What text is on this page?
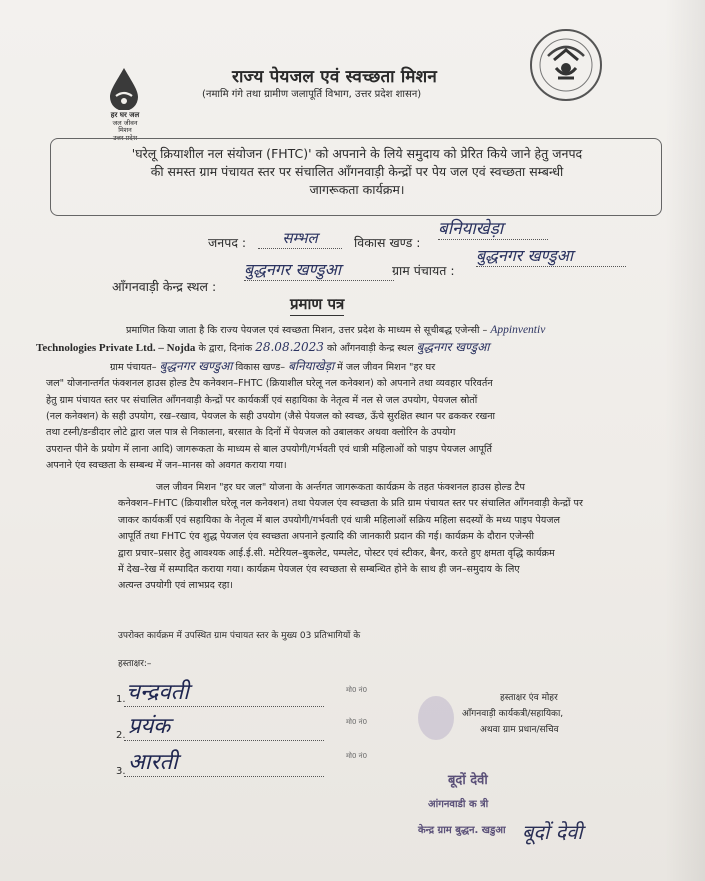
हर घर जल
जल जीवन मिशन
उत्तर प्रदेश
राज्य पेयजल एवं स्वच्छता मिशन
(नमामि गंगे तथा ग्रामीण जलापूर्ति विभाग, उत्तर प्रदेश शासन)
'घरेलू क्रियाशील नल संयोजन (FHTC)' को अपनाने के लिये समुदाय को प्रेरित किये जाने हेतु जनपद
की समस्त ग्राम पंचायत स्तर पर संचालित ऑंगनवाड़ी केन्द्रों पर पेय जल एवं स्वच्छता सम्बन्धी
जागरूकता कार्यक्रम।
जनपद :	सम्भल	विकास खण्ड :
बनियाखेड़ा
ऑंगनवाड़ी केन्द्र स्थल :
बुद्धनगर खण्डुआ	ग्राम पंचायत :
बुद्धनगर खण्डुआ
प्रमाण पत्र
प्रमाणित किया जाता है कि राज्य पेयजल एवं स्वच्छता मिशन, उत्तर प्रदेश के माध्यम से सूचीबद्ध एजेन्सी – Appinventiv
Technologies Private Ltd. – Nojda के द्वारा, दिनांक 28.08.2023 को ऑंगनवाड़ी केन्द्र स्थल बुद्धनगर खण्डुआ
ग्राम पंचायत– बुद्धनगर खण्डुआ विकास खण्ड– बनियाखेड़ा में जल जीवन मिशन "हर घर
जल" योजनान्तर्गत फंक्शनल हाउस होल्ड टैप कनेक्शन–FHTC (क्रियाशील घरेलू नल कनेक्शन) को अपनाने तथा व्यवहार परिवर्तन
हेतु ग्राम पंचायत स्तर पर संचालित ऑंगनवाड़ी केन्द्रों पर कार्यकर्त्री एवं सहायिका के नेतृत्व में नल से जल उपयोग, पेयजल स्रोतों
(नल कनेक्शन) के सही उपयोग, रख–रखाव, पेयजल के सही उपयोग (जैसे पेयजल को स्वच्छ, ऊँचे सुरक्षित स्थान पर ढककर रखना
तथा टस्नी/डन्डीदार लोटे द्वारा जल पात्र से निकालना, बरसात के दिनों में पेयजल को उबालकर अथवा क्लोरिन के उपयोग
उपरान्त पीने के प्रयोग में लाना आदि) जागरूकता के माध्यम से बाल उपयोगी/गर्भवती एवं धात्री महिलाओं को पाइप पेयजल आपूर्ति
अपनाने एंव स्वच्छता के सम्बन्ध में जन–मानस को अवगत कराया गया।
जल जीवन मिशन "हर घर जल" योजना के अर्न्तगत जागरूकता कार्यक्रम के तहत फंक्शनल हाउस होल्ड टैप
कनेक्शन–FHTC (क्रियाशील घरेलू नल कनेक्शन) तथा पेयजल एंव स्वच्छता के प्रति ग्राम पंचायत स्तर पर संचालित ऑंगनवाड़ी केन्द्रों पर
जाकर कार्यकर्त्री एवं सहायिका के नेतृत्व में बाल उपयोगी/गर्भवती एवं धात्री महिलाओं सक्रिय महिला सदस्यों के मध्य पाइप पेयजल
आपूर्ति तथा FHTC एंव शुद्ध पेयजल एंव स्वच्छता अपनाने इत्यादि की जानकारी प्रदान की गई। कार्यक्रम के दौरान एजेन्सी
द्वारा प्रचार–प्रसार हेतु आवश्यक आई.ई.सी. मटेरियल–बुकलेट, पम्पलेट, पोस्टर एवं स्टीकर, बैनर, करते हुए क्षमता वृद्धि कार्यक्रम
में देख–रेख में सम्पादित कराया गया। कार्यक्रम पेयजल एंव स्वच्छता से सम्बन्धित होने के साथ ही जन–समुदाय के लिए
अत्यन्त उपयोगी एवं लाभप्रद रहा।
उपरोक्त कार्यक्रम में उपस्थित ग्राम पंचायत स्तर के मुख्य 03 प्रतिभागियों के
हस्ताक्षर:–
1. चन्द्रवती	मो0 नं0
2. प्रयंक	मो0 नं0
3. आरती	मो0 नं0
हस्ताक्षर एंव मोहर
ऑंगनवाड़ी कार्यकत्री/सहायिका,
अथवा ग्राम प्रधान/सचिव
बूदों देवी
आंगनवाडी क त्री
केन्द्र ग्राम बुद्धन. खडुआ बूदों देवी
